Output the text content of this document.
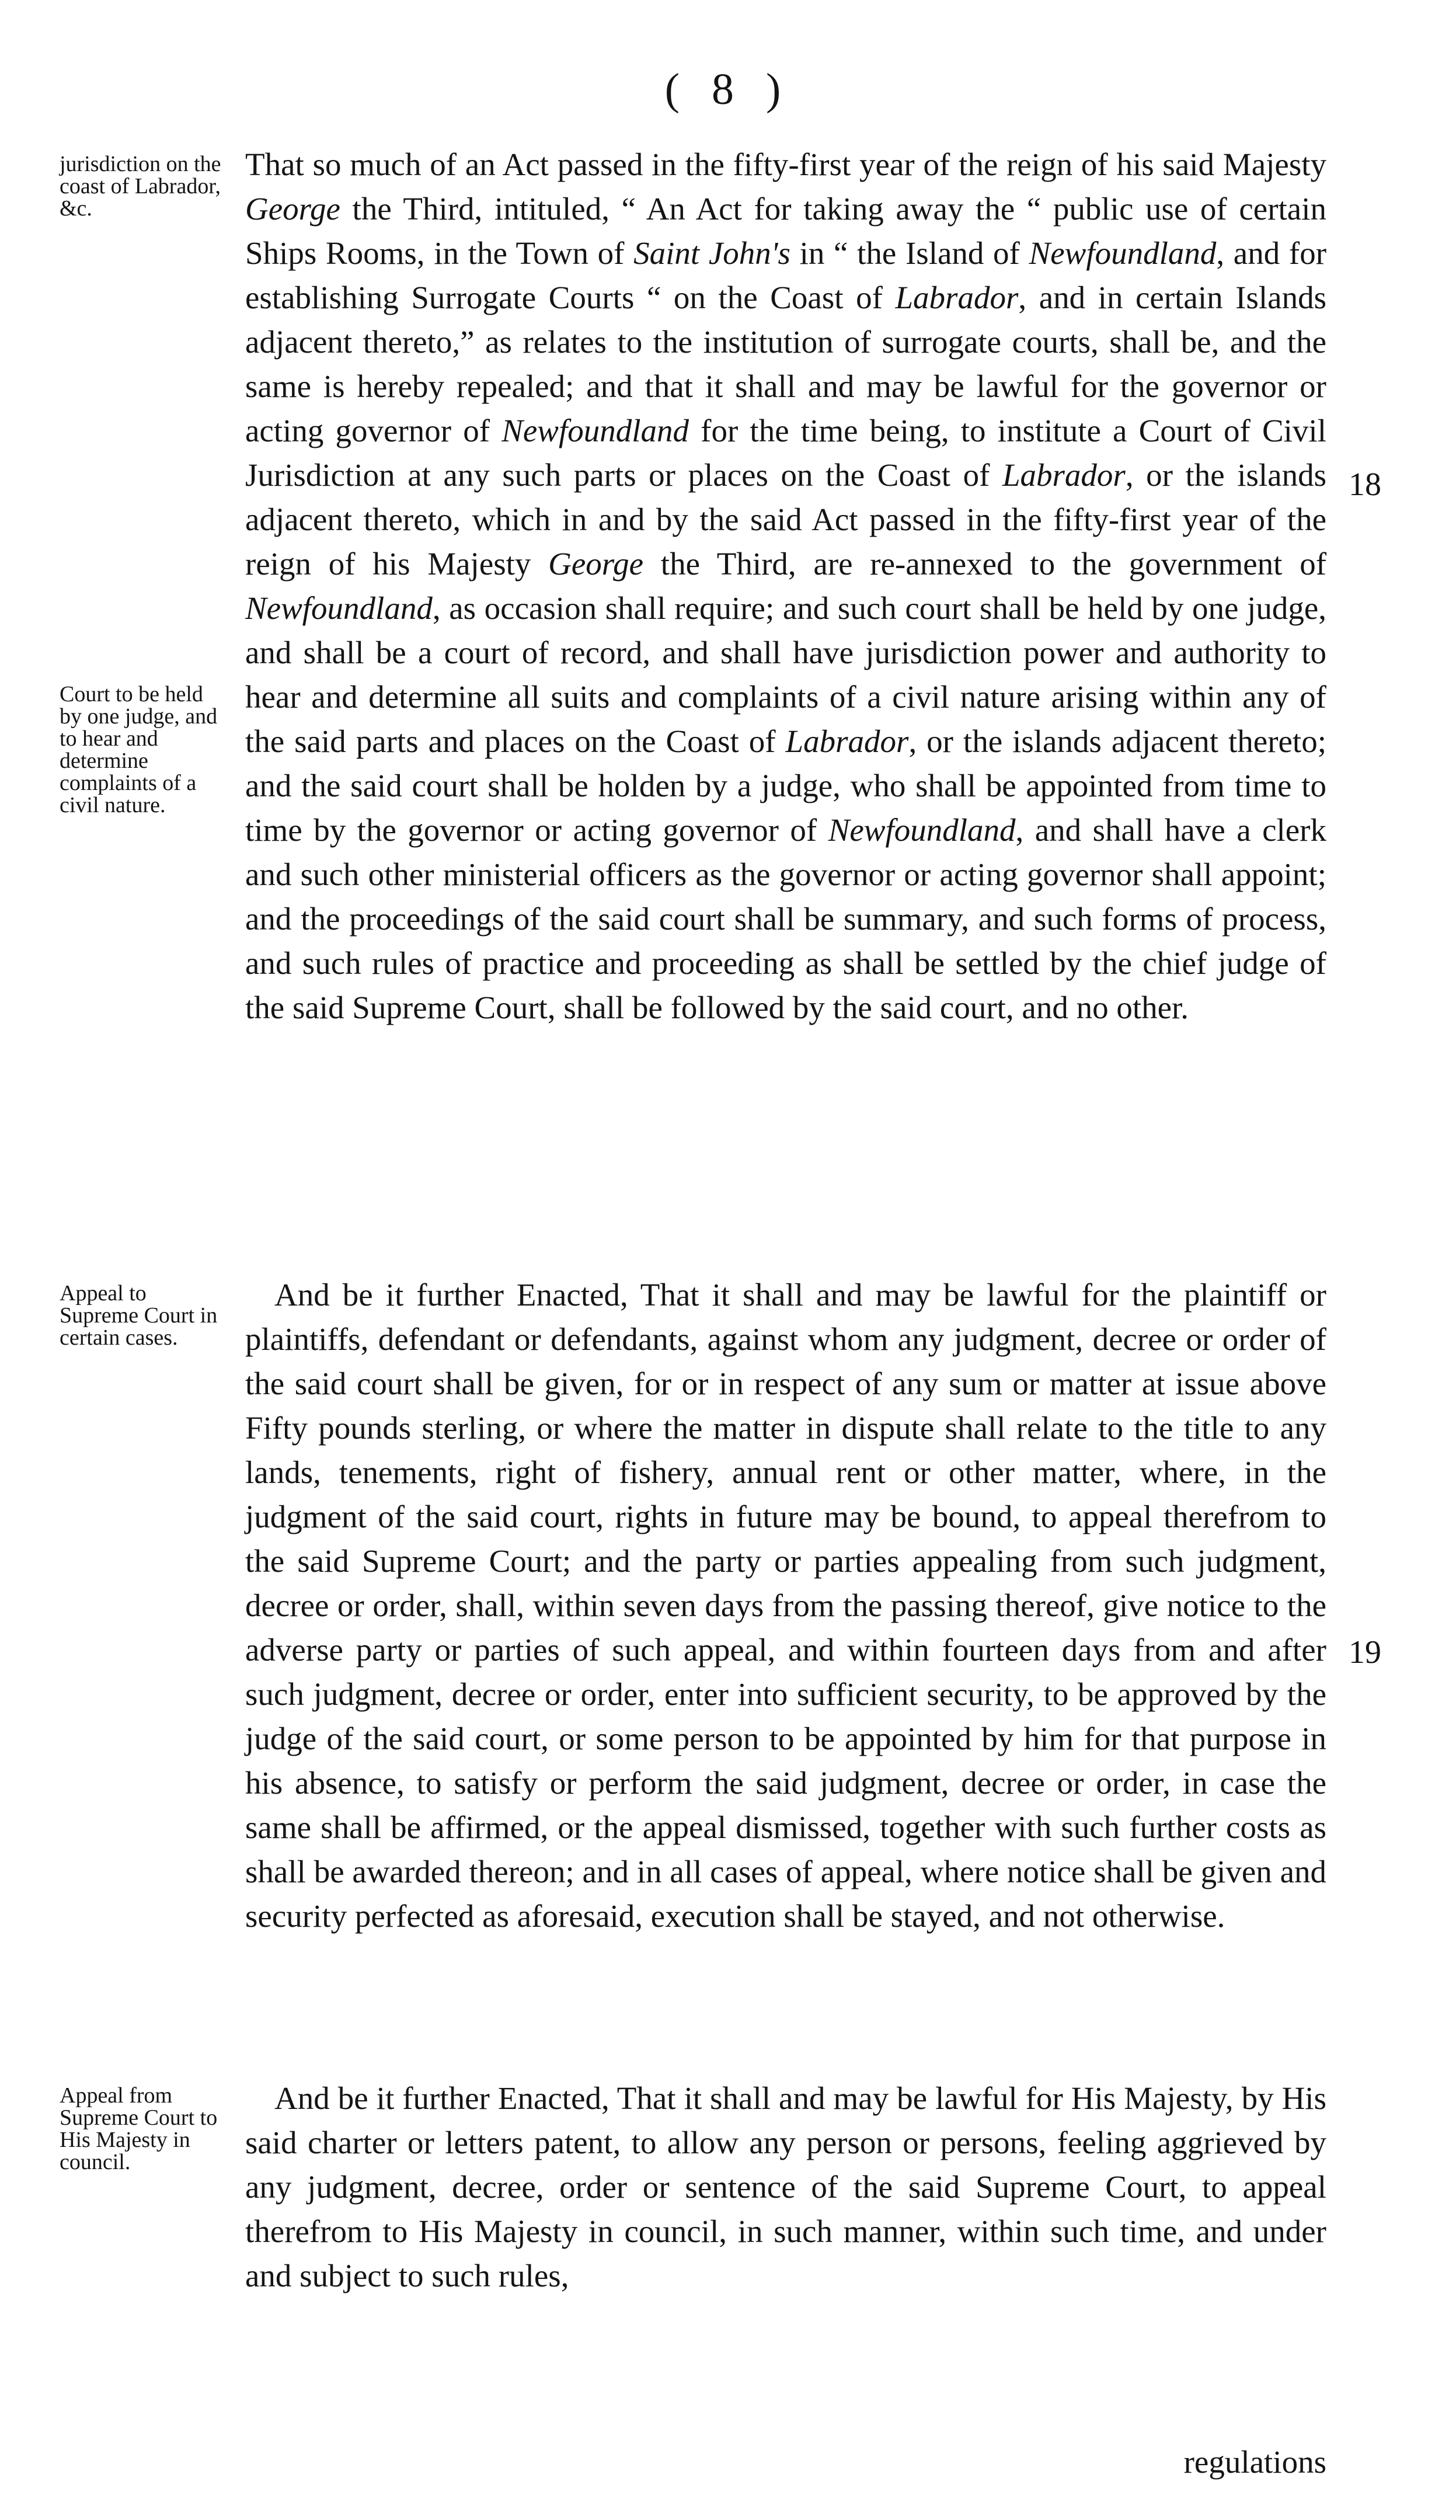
( 8 )
jurisdiction on the coast of Labrador, &c.
Court to be held by one judge, and to hear and determine complaints of a civil nature.
18

That so much of an Act passed in the fifty-first year of the reign of his said Majesty George the Third, intituled, “ An Act for taking away the “ public use of certain Ships Rooms, in the Town of Saint John's in “ the Island of Newfoundland, and for establishing Surrogate Courts “ on the Coast of Labrador, and in certain Islands adjacent thereto,” as relates to the institution of surrogate courts, shall be, and the same is hereby repealed; and that it shall and may be lawful for the governor or acting governor of Newfoundland for the time being, to institute a Court of Civil Jurisdiction at any such parts or places on the Coast of Labrador, or the islands adjacent thereto, which in and by the said Act passed in the fifty-first year of the reign of his Majesty George the Third, are re-annexed to the government of Newfoundland, as occasion shall require; and such court shall be held by one judge, and shall be a court of record, and shall have jurisdiction power and authority to hear and determine all suits and complaints of a civil nature arising within any of the said parts and places on the Coast of Labrador, or the islands adjacent thereto; and the said court shall be holden by a judge, who shall be appointed from time to time by the governor or acting governor of Newfoundland, and shall have a clerk and such other ministerial officers as the governor or acting governor shall appoint; and the proceedings of the said court shall be summary, and such forms of process, and such rules of practice and proceeding as shall be settled by the chief judge of the said Supreme Court, shall be followed by the said court, and no other.

Appeal to Supreme Court in certain cases.
19

And be it further Enacted, That it shall and may be lawful for the plaintiff or plaintiffs, defendant or defendants, against whom any judgment, decree or order of the said court shall be given, for or in respect of any sum or matter at issue above Fifty pounds sterling, or where the matter in dispute shall relate to the title to any lands, tenements, right of fishery, annual rent or other matter, where, in the judgment of the said court, rights in future may be bound, to appeal therefrom to the said Supreme Court; and the party or parties appealing from such judgment, decree or order, shall, within seven days from the passing thereof, give notice to the adverse party or parties of such appeal, and within fourteen days from and after such judgment, decree or order, enter into sufficient security, to be approved by the judge of the said court, or some person to be appointed by him for that purpose in his absence, to satisfy or perform the said judgment, decree or order, in case the same shall be affirmed, or the appeal dismissed, together with such further costs as shall be awarded thereon; and in all cases of appeal, where notice shall be given and security perfected as aforesaid, execution shall be stayed, and not otherwise.

Appeal from Supreme Court to His Majesty in council.

And be it further Enacted, That it shall and may be lawful for His Majesty, by His said charter or letters patent, to allow any person or persons, feeling aggrieved by any judgment, decree, order or sentence of the said Supreme Court, to appeal therefrom to His Majesty in council, in such manner, within such time, and under and subject to such rules,

regulations
